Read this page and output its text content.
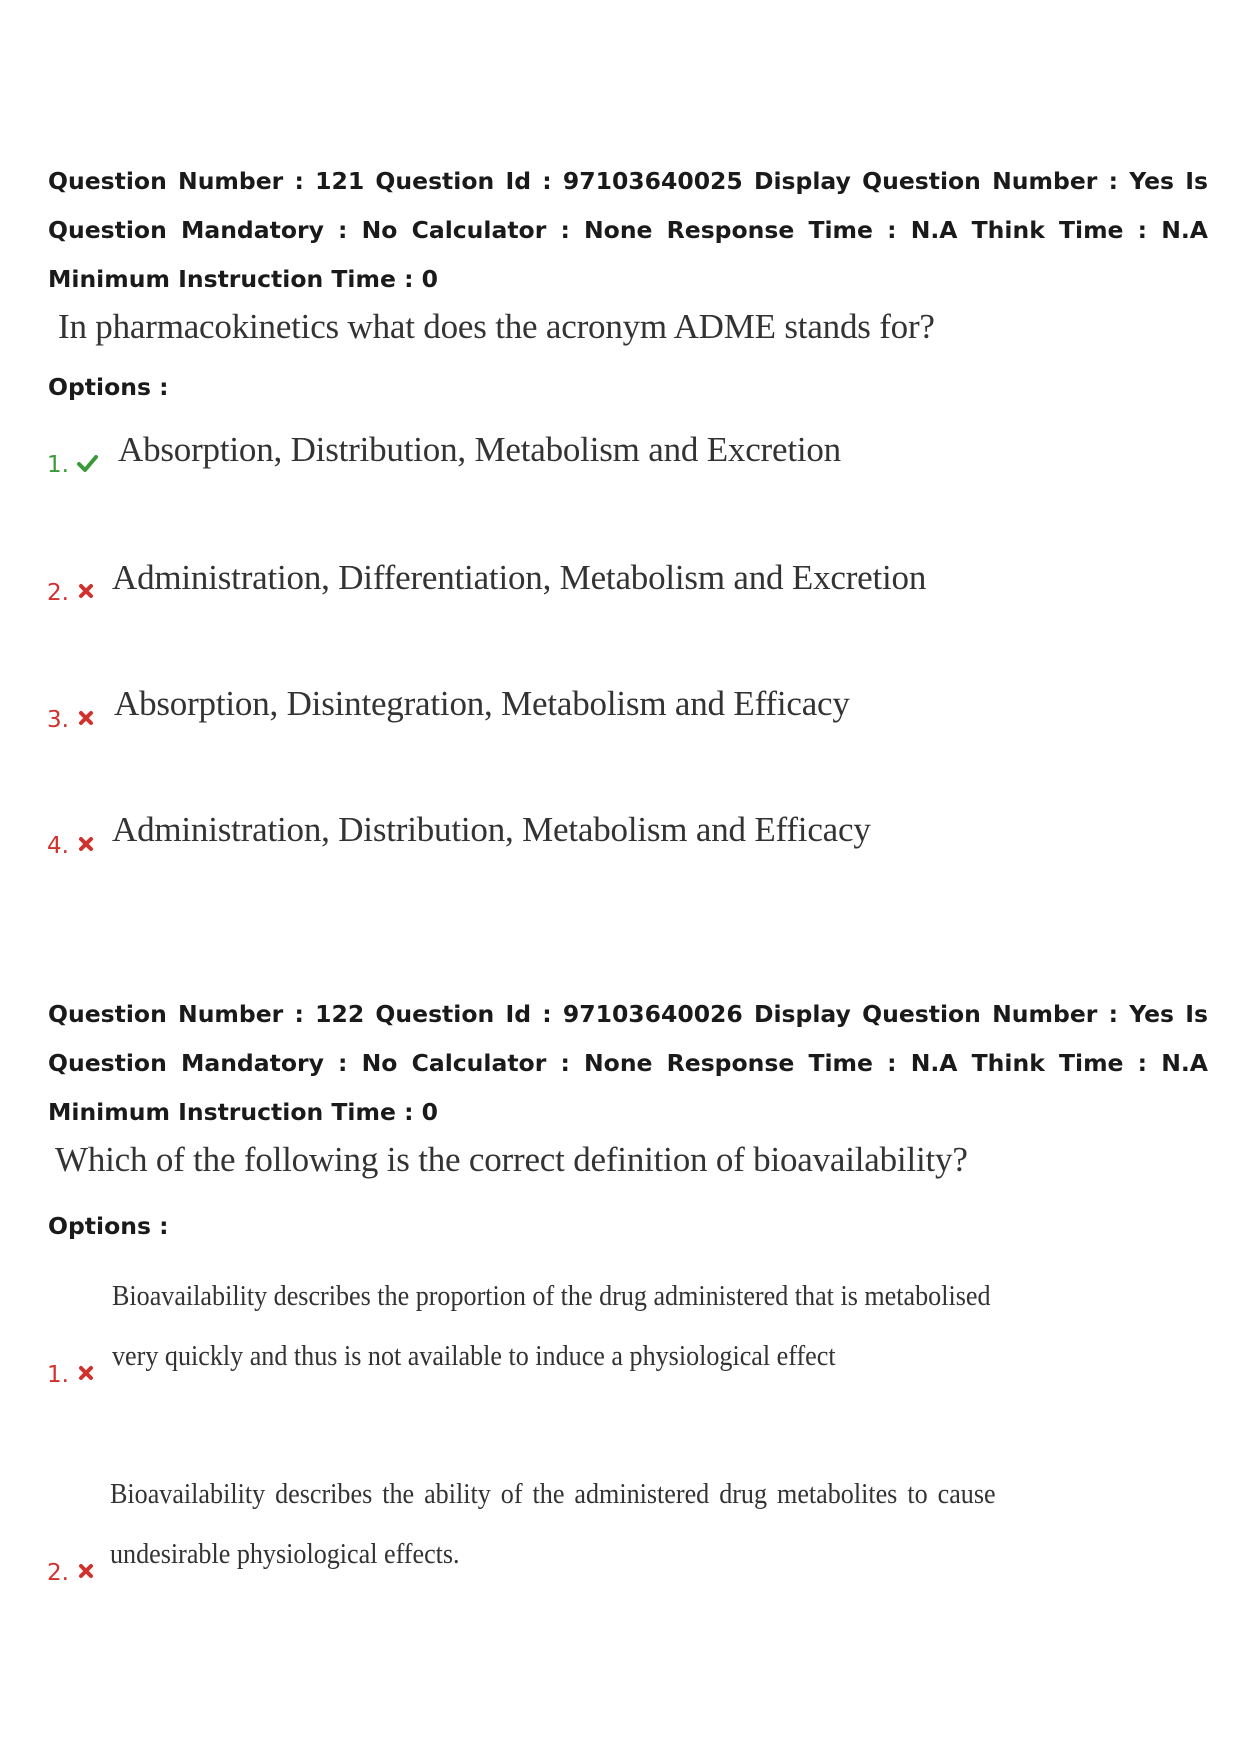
Question Number : 121 Question Id : 97103640025 Display Question Number : Yes Is Question Mandatory : No Calculator : None Response Time : N.A Think Time : N.A Minimum Instruction Time : 0
In pharmacokinetics what does the acronym ADME stands for?
Options :
1. Absorption, Distribution, Metabolism and Excretion
2. Administration, Differentiation, Metabolism and Excretion
3. Absorption, Disintegration, Metabolism and Efficacy
4. Administration, Distribution, Metabolism and Efficacy
Question Number : 122 Question Id : 97103640026 Display Question Number : Yes Is Question Mandatory : No Calculator : None Response Time : N.A Think Time : N.A Minimum Instruction Time : 0
Which of the following is the correct definition of bioavailability?
Options :
1.
Bioavailability describes the proportion of the drug administered that is metabolised very quickly and thus is not available to induce a physiological effect
2.
Bioavailability describes the ability of the administered drug metabolites to cause undesirable physiological effects.
